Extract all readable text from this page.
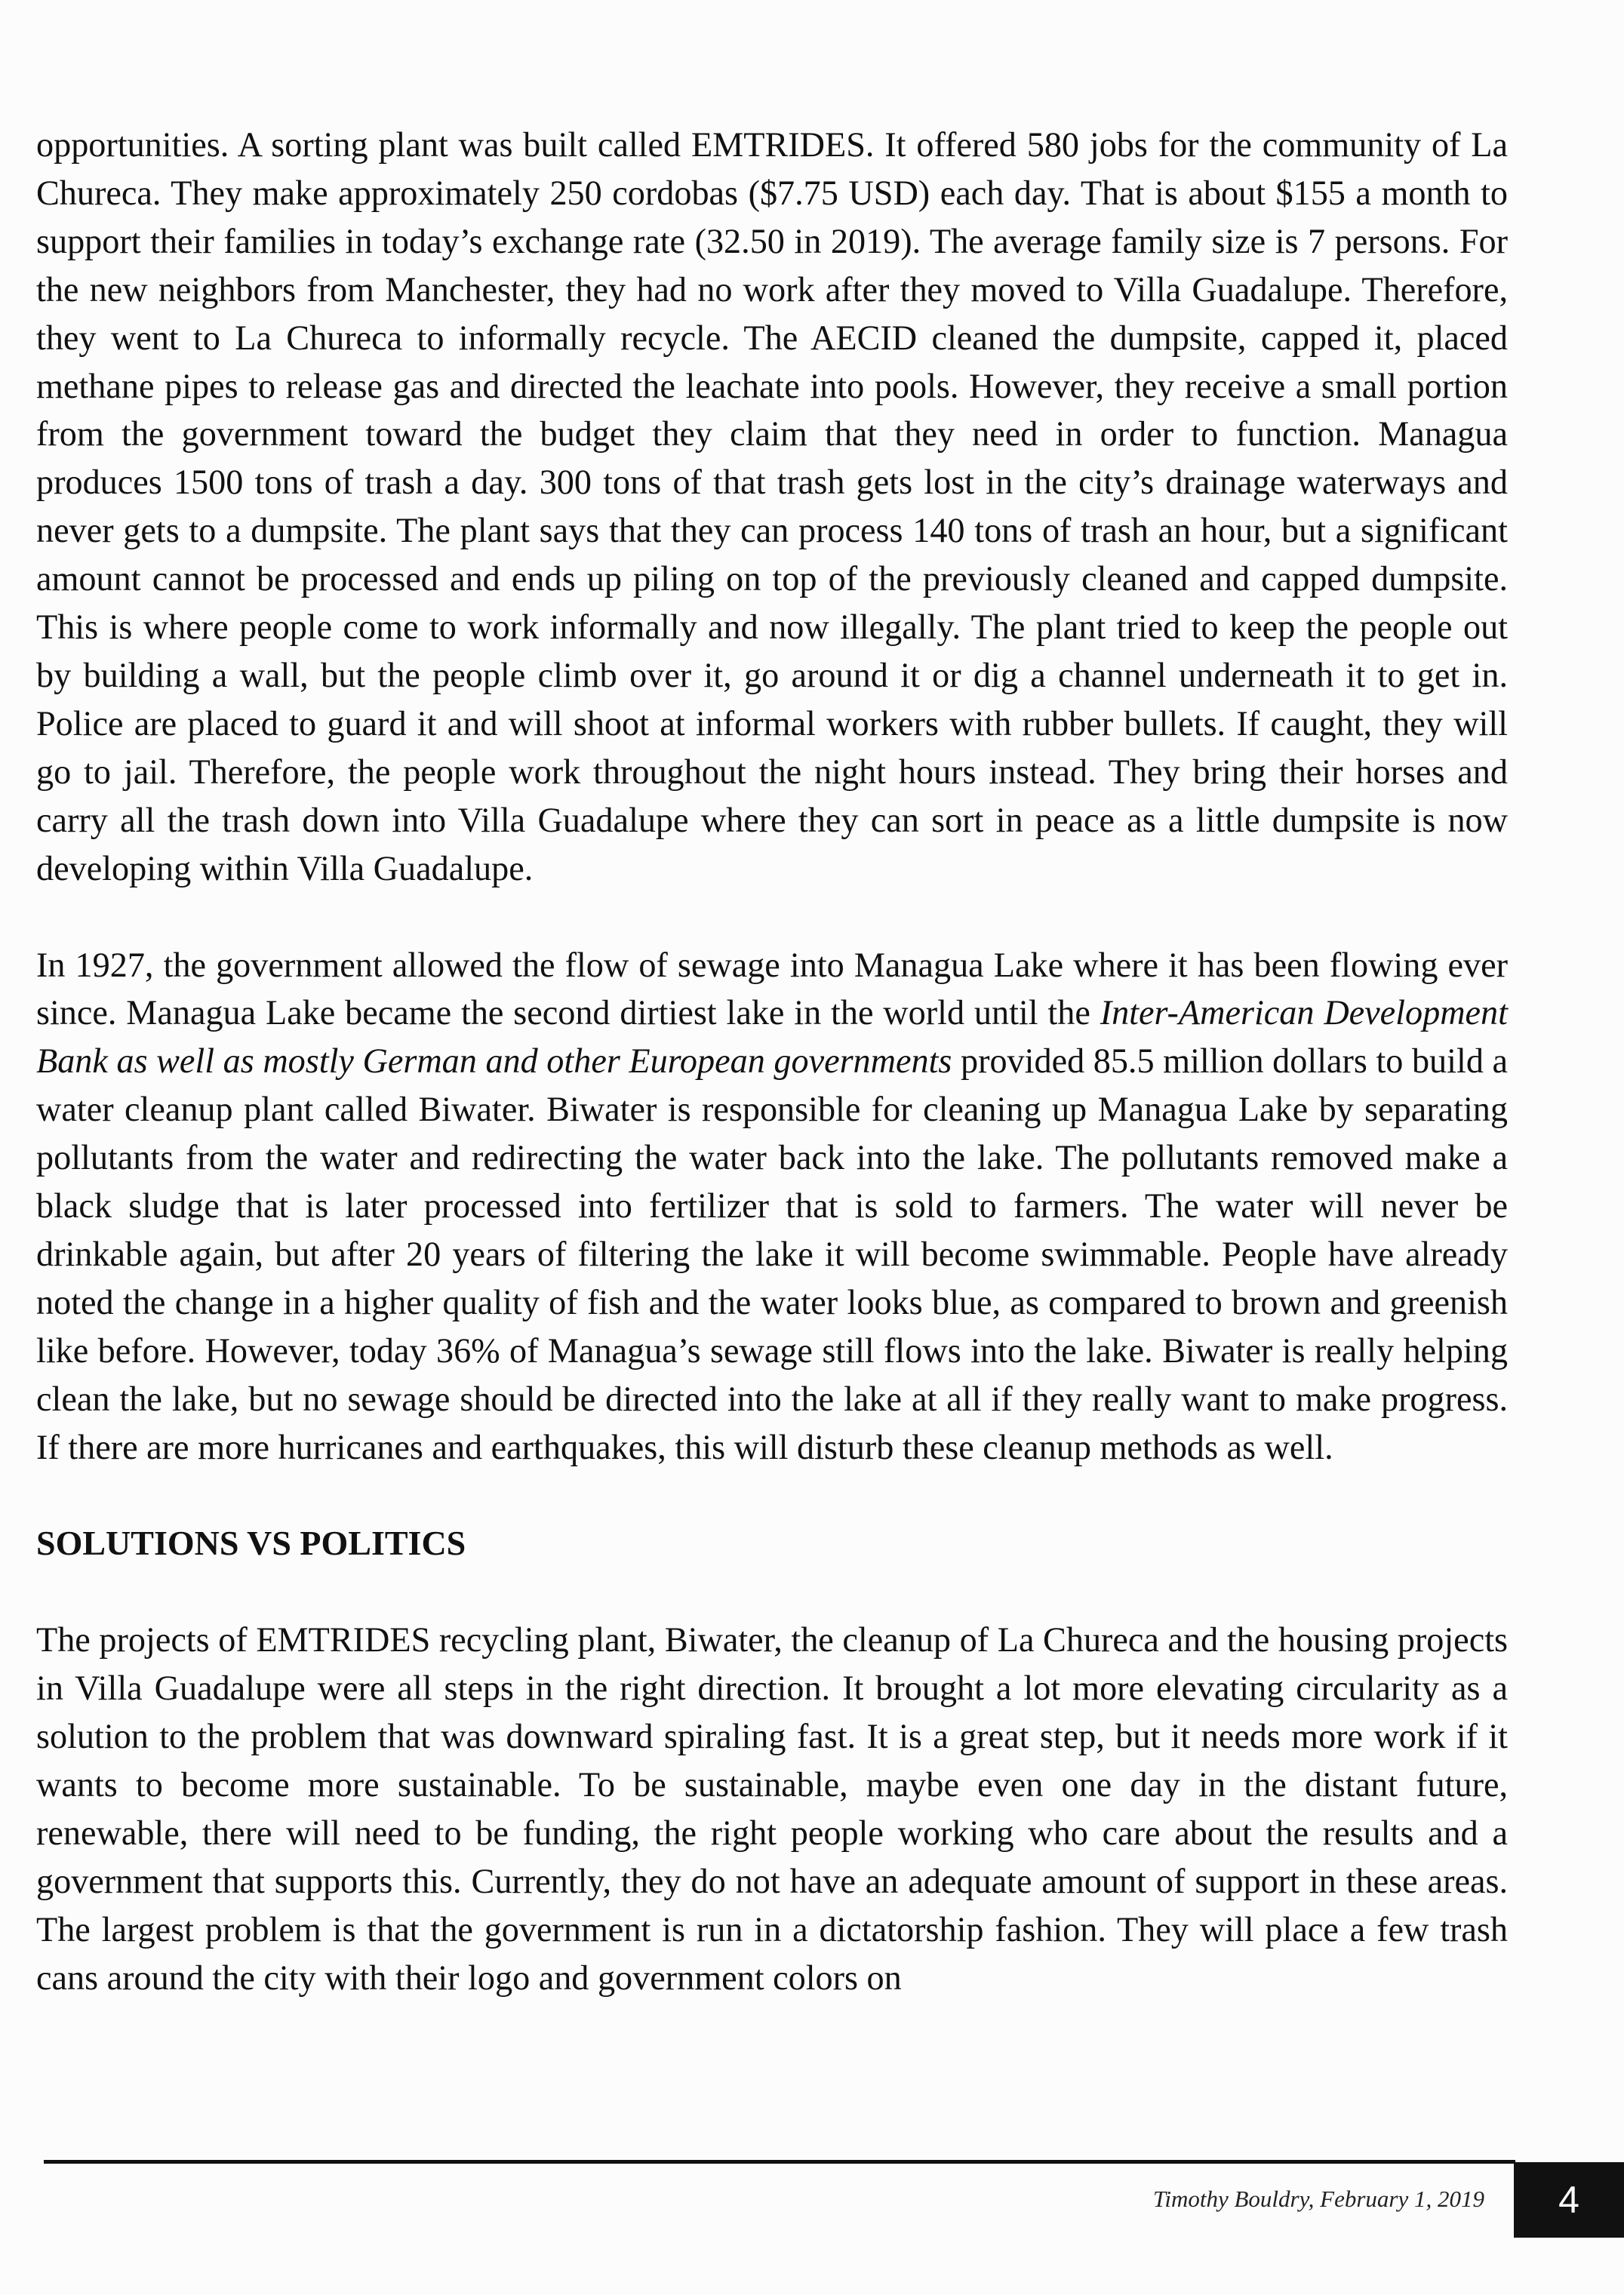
opportunities. A sorting plant was built called EMTRIDES. It offered 580 jobs for the community of La Chureca. They make approximately 250 cordobas ($7.75 USD) each day. That is about $155 a month to support their families in today’s exchange rate (32.50 in 2019). The average family size is 7 persons. For the new neighbors from Manchester, they had no work after they moved to Villa Guadalupe. Therefore, they went to La Chureca to informally recycle. The AECID cleaned the dumpsite, capped it, placed methane pipes to release gas and directed the leachate into pools. However, they receive a small portion from the government toward the budget they claim that they need in order to function. Managua produces 1500 tons of trash a day. 300 tons of that trash gets lost in the city’s drainage waterways and never gets to a dumpsite. The plant says that they can process 140 tons of trash an hour, but a significant amount cannot be processed and ends up piling on top of the previously cleaned and capped dumpsite. This is where people come to work informally and now illegally. The plant tried to keep the people out by building a wall, but the people climb over it, go around it or dig a channel underneath it to get in. Police are placed to guard it and will shoot at informal workers with rubber bullets. If caught, they will go to jail. Therefore, the people work throughout the night hours instead. They bring their horses and carry all the trash down into Villa Guadalupe where they can sort in peace as a little dumpsite is now developing within Villa Guadalupe.

In 1927, the government allowed the flow of sewage into Managua Lake where it has been flowing ever since. Managua Lake became the second dirtiest lake in the world until the Inter-American Development Bank as well as mostly German and other European governments provided 85.5 million dollars to build a water cleanup plant called Biwater. Biwater is responsible for cleaning up Managua Lake by separating pollutants from the water and redirecting the water back into the lake. The pollutants removed make a black sludge that is later processed into fertilizer that is sold to farmers. The water will never be drinkable again, but after 20 years of filtering the lake it will become swimmable. People have already noted the change in a higher quality of fish and the water looks blue, as compared to brown and greenish like before. However, today 36% of Managua’s sewage still flows into the lake. Biwater is really helping clean the lake, but no sewage should be directed into the lake at all if they really want to make progress. If there are more hurricanes and earthquakes, this will disturb these cleanup methods as well.

SOLUTIONS VS POLITICS

The projects of EMTRIDES recycling plant, Biwater, the cleanup of La Chureca and the housing projects in Villa Guadalupe were all steps in the right direction. It brought a lot more elevating circularity as a solution to the problem that was downward spiraling fast. It is a great step, but it needs more work if it wants to become more sustainable. To be sustainable, maybe even one day in the distant future, renewable, there will need to be funding, the right people working who care about the results and a government that supports this. Currently, they do not have an adequate amount of support in these areas. The largest problem is that the government is run in a dictatorship fashion. They will place a few trash cans around the city with their logo and government colors on

Timothy Bouldry, February 1, 2019	4
